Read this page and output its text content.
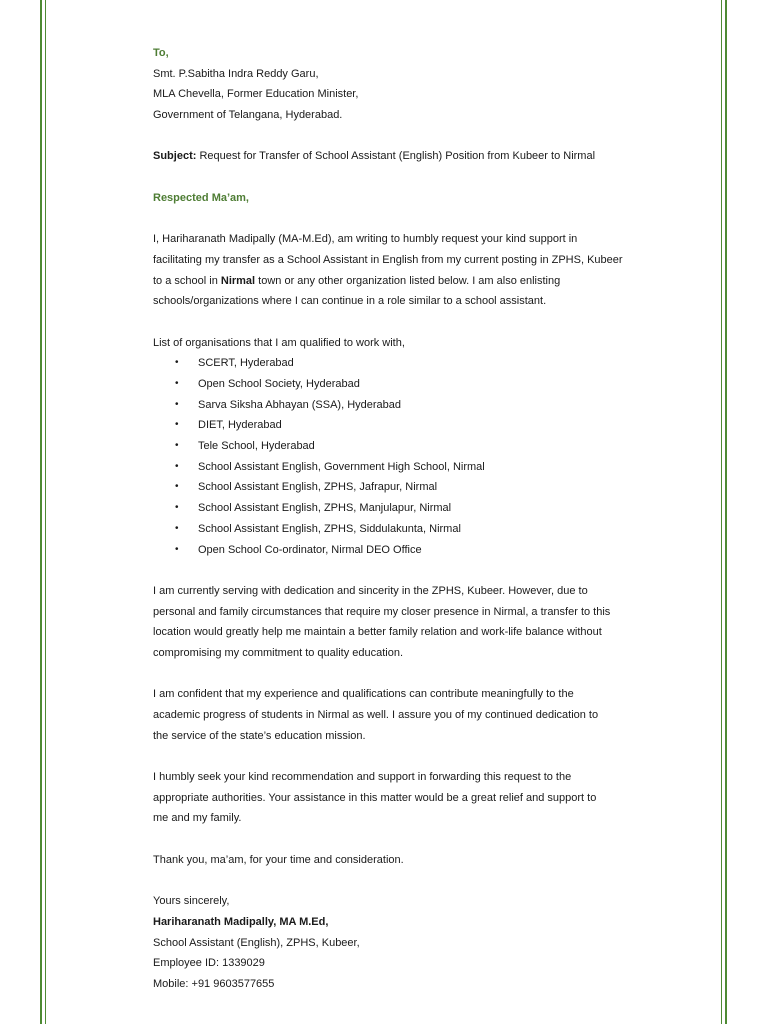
To,
Smt. P.Sabitha Indra Reddy Garu,
MLA Chevella, Former Education Minister,
Government of Telangana, Hyderabad.
Subject: Request for Transfer of School Assistant (English) Position from Kubeer to Nirmal
Respected Ma’am,
I, Hariharanath Madipally (MA-M.Ed), am writing to humbly request your kind support in
facilitating my transfer as a School Assistant in English from my current posting in ZPHS, Kubeer
to a school in Nirmal town or any other organization listed below. I am also enlisting
schools/organizations where I can continue in a role similar to a school assistant.
List of organisations that I am qualified to work with,
• SCERT, Hyderabad
• Open School Society, Hyderabad
• Sarva Siksha Abhayan (SSA), Hyderabad
• DIET, Hyderabad
• Tele School, Hyderabad
• School Assistant English, Government High School, Nirmal
• School Assistant English, ZPHS, Jafrapur, Nirmal
• School Assistant English, ZPHS, Manjulapur, Nirmal
• School Assistant English, ZPHS, Siddulakunta, Nirmal
• Open School Co-ordinator, Nirmal DEO Office
I am currently serving with dedication and sincerity in the ZPHS, Kubeer. However, due to
personal and family circumstances that require my closer presence in Nirmal, a transfer to this
location would greatly help me maintain a better family relation and work-life balance without
compromising my commitment to quality education.
I am confident that my experience and qualifications can contribute meaningfully to the
academic progress of students in Nirmal as well. I assure you of my continued dedication to
the service of the state’s education mission.
I humbly seek your kind recommendation and support in forwarding this request to the
appropriate authorities. Your assistance in this matter would be a great relief and support to
me and my family.
Thank you, ma’am, for your time and consideration.
Yours sincerely,
Hariharanath Madipally, MA M.Ed,
School Assistant (English), ZPHS, Kubeer,
Employee ID: 1339029
Mobile: +91 9603577655
